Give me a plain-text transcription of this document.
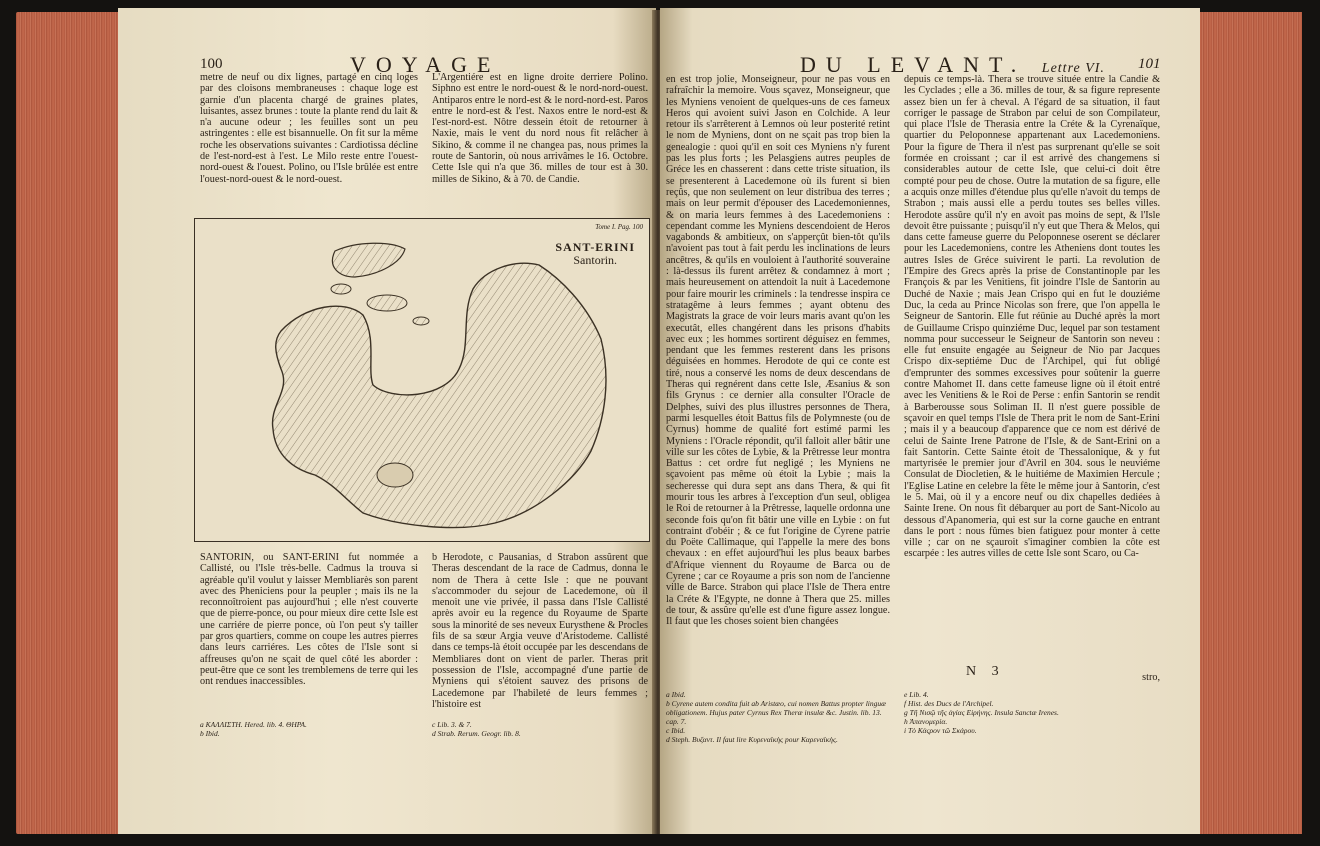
100	VOYAGE

metre de neuf ou dix lignes, partagé en cinq loges par des cloisons membraneuses : chaque loge est garnie d'un placenta chargé de graines plates, luisantes, assez brunes : toute la plante rend du lait & n'a aucune odeur ; les feuilles sont un peu astringentes : elle est bisannuelle. On fit sur la même roche les observations suivantes : Cardiotissa décline de l'est-nord-est à l'est. Le Milo reste entre l'ouest-nord-ouest & l'ouest. Polino, ou l'Isle brûlée est entre l'ouest-nord-ouest & le nord-ouest.

L'Argentiére est en ligne droite derriere Polino. Siphno est entre le nord-ouest & le nord-nord-ouest. Antiparos entre le nord-est & le nord-nord-est. Paros entre le nord-est & l'est. Naxos entre le nord-est & l'est-nord-est. Nôtre dessein étoit de retourner à Naxie, mais le vent du nord nous fit relâcher à Sikino, & comme il ne changea pas, nous primes la route de Santorin, où nous arrivâmes le 16. Octobre. Cette Isle qui n'a que 36. milles de tour est à 30. milles de Sikino, & à 70. de Candie.

Tome I. Pag. 100
SANT-ERINI
Santorin.

SANTORIN, ou SANT-ERINI fut nommée a Callisté, ou l'Isle très-belle. Cadmus la trouva si agréable qu'il voulut y laisser Membliarès son parent avec des Pheniciens pour la peupler ; mais ils ne la reconnoîtroient pas aujourd'hui ; elle n'est couverte que de pierre-ponce, ou pour mieux dire cette Isle est une carriére de pierre ponce, où l'on peut s'y tailler par gros quartiers, comme on coupe les autres pierres dans leurs carriéres. Les côtes de l'Isle sont si affreuses qu'on ne sçait de quel côté les aborder : peut-être que ce sont les tremblemens de terre qui les ont rendues inaccessibles.

b Herodote, c Pausanias, d Strabon assûrent que Theras descendant de la race de Cadmus, donna le nom de Thera à cette Isle : que ne pouvant s'accommoder du sejour de Lacedemone, où il menoit une vie privée, il passa dans l'Isle Callisté après avoir eu la regence du Royaume de Sparte sous la minorité de ses neveux Eurysthene & Procles fils de sa sœur Argia veuve d'Aristodeme. Callisté dans ce temps-là étoit occupée par les descendans de Membliares dont on vient de parler. Theras prit possession de l'Isle, accompagné d'une partie de Myniens qui s'étoient sauvez des prisons de Lacedemone par l'habileté de leurs femmes ; l'histoire est

a ΚΑΛΛΙΣΤΗ. Hered. lib. 4. ΘΗΡΑ.

b Ibid.

c Lib. 3. & 7.

d Strab. Rerum. Geogr. lib. 8.

DU LEVANT. Lettre VI. 101

en est trop jolie, Monseigneur, pour ne pas vous en rafraîchir la memoire. Vous sçavez, Monseigneur, que les Myniens venoient de quelques-uns de ces fameux Heros qui avoient suivi Jason en Colchide. A leur retour ils s'arrêterent à Lemnos où leur posterité retint le nom de Myniens, dont on ne sçait pas trop bien la genealogie : quoi qu'il en soit ces Myniens n'y furent pas les plus forts ; les Pelasgiens autres peuples de Gréce les en chasserent : dans cette triste situation, ils se presenterent à Lacedemone où ils furent si bien reçûs, que non seulement on leur distribua des terres ; mais on leur permit d'épouser des Lacedemoniennes, & on maria leurs femmes à des Lacedemoniens : cependant comme les Myniens descendoient de Heros vagabonds & ambitieux, on s'apperçût bien-tôt qu'ils n'avoient pas tout à fait perdu les inclinations de leurs ancêtres, & qu'ils en vouloient à l'authorité souveraine : là-dessus ils furent arrêtez & condamnez à mort ; mais heureusement on attendoit la nuit à Lacedemone pour faire mourir les criminels : la tendresse inspira ce stratagême à leurs femmes ; ayant obtenu des Magistrats la grace de voir leurs maris avant qu'on les executât, elles changérent dans les prisons d'habits avec eux ; les hommes sortirent déguisez en femmes, pendant que les femmes resterent dans les prisons déguisées en hommes. Herodote de qui ce conte est tiré, nous a conservé les noms de deux descendans de Theras qui regnérent dans cette Isle, Æsanius & son fils Grynus : ce dernier alla consulter l'Oracle de Delphes, suivi des plus illustres personnes de Thera, parmi lesquelles étoit Battus fils de Polymneste (ou de Cyrnus) homme de qualité fort estimé parmi les Myniens : l'Oracle répondit, qu'il falloit aller bâtir une ville sur les côtes de Lybie, & la Prêtresse leur montra Battus : cet ordre fut negligé ; les Myniens ne sçavoient pas même où étoit la Lybie ; mais la secheresse qui dura sept ans dans Thera, & qui fit mourir tous les arbres à l'exception d'un seul, obligea le Roi de retourner à la Prêtresse, laquelle ordonna une seconde fois qu'on fit bâtir une ville en Lybie : on fut contraint d'obéir ; & ce fut l'origine de Cyrene patrie du Poëte Callimaque, qui l'appelle la mere des bons chevaux : en effet aujourd'hui les plus beaux barbes d'Afrique viennent du Royaume de Barca ou de Cyrene ; car ce Royaume a pris son nom de l'ancienne ville de Barce. Strabon qui place l'Isle de Thera entre la Créte & l'Egypte, ne donne à Thera que 25. milles de tour, & assûre qu'elle est d'une figure assez longue. Il faut que les choses soient bien changées

depuis ce temps-là. Thera se trouve située entre la Candie & les Cyclades ; elle a 36. milles de tour, & sa figure represente assez bien un fer à cheval. A l'égard de sa situation, il faut corriger le passage de Strabon par celui de son Compilateur, qui place l'Isle de Therasia entre la Créte & la Cyrenaïque, quartier du Peloponnese appartenant aux Lacedemoniens. Pour la figure de Thera il n'est pas surprenant qu'elle se soit formée en croissant ; car il est arrivé des changemens si considerables autour de cette Isle, que celui-ci doit être compté pour peu de chose. Outre la mutation de sa figure, elle a acquis onze milles d'étendue plus qu'elle n'avoit du temps de Strabon ; mais aussi elle a perdu toutes ses belles villes. Herodote assûre qu'il n'y en avoit pas moins de sept, & l'Isle devoit être puissante ; puisqu'il n'y eut que Thera & Melos, qui dans cette fameuse guerre du Peloponnese oserent se déclarer pour les Lacedemoniens, contre les Atheniens dont toutes les autres Isles de Gréce suivirent le parti. La revolution de l'Empire des Grecs après la prise de Constantinople par les François & par les Venitiens, fit joindre l'Isle de Santorin au Duché de Naxie ; mais Jean Crispo qui en fut le douziéme Duc, la ceda au Prince Nicolas son frere, que l'on appella le Seigneur de Santorin. Elle fut réünie au Duché après la mort de Guillaume Crispo quinziéme Duc, lequel par son testament nomma pour successeur le Seigneur de Santorin son neveu : elle fut ensuite engagée au Seigneur de Nio par Jacques Crispo dix-septiéme Duc de l'Archipel, qui fut obligé d'emprunter des sommes excessives pour soûtenir la guerre contre Mahomet II. dans cette fameuse ligne où il étoit entré avec les Venitiens & le Roi de Perse : enfin Santorin se rendit à Barberousse sous Soliman II. Il n'est guere possible de sçavoir en quel temps l'Isle de Thera prit le nom de Sant-Erini ; mais il y a beaucoup d'apparence que ce nom est dérivé de celui de Sainte Irene Patrone de l'Isle, & de Sant-Erini on a fait Santorin. Cette Sainte étoit de Thessalonique, & y fut martyrisée le premier jour d'Avril en 304. sous le neuviéme Consulat de Diocletien, & le huitiéme de Maximien Hercule ; l'Eglise Latine en celebre la fête le même jour à Santorin, c'est le 5. Mai, où il y a encore neuf ou dix chapelles dediées à Sainte Irene. On nous fit débarquer au port de Sant-Nicolo au dessous d'Apanomeria, qui est sur la corne gauche en entrant dans le port : nous fûmes bien fatiguez pour monter à cette ville ; car on ne sçauroit s'imaginer combien la côte est escarpée : les autres villes de cette Isle sont Scaro, ou Ca-

N 3	stro,

a Ibid.

b Cyrene autem condita fuit ab Aristæo, cui nomen Battus propter linguæ obligationem. Hujus pater Cyrnus Rex Theræ insulæ &c. Justin. lib. 13. cap. 7.

c Ibid.

d Steph. Βυζαντ. Il faut lire Κυρεναϊκὴς pour Καρεναϊκὴς.

e Lib. 4.

f Hist. des Ducs de l'Archipel.

g Τῆ Νισῷ τῆς ἁγίας Εἰρήνης. Insula Sanctæ Irenes.

h Ἀπανομερία.

i Τὸ Κάςρον τῶ Σκάρου.
